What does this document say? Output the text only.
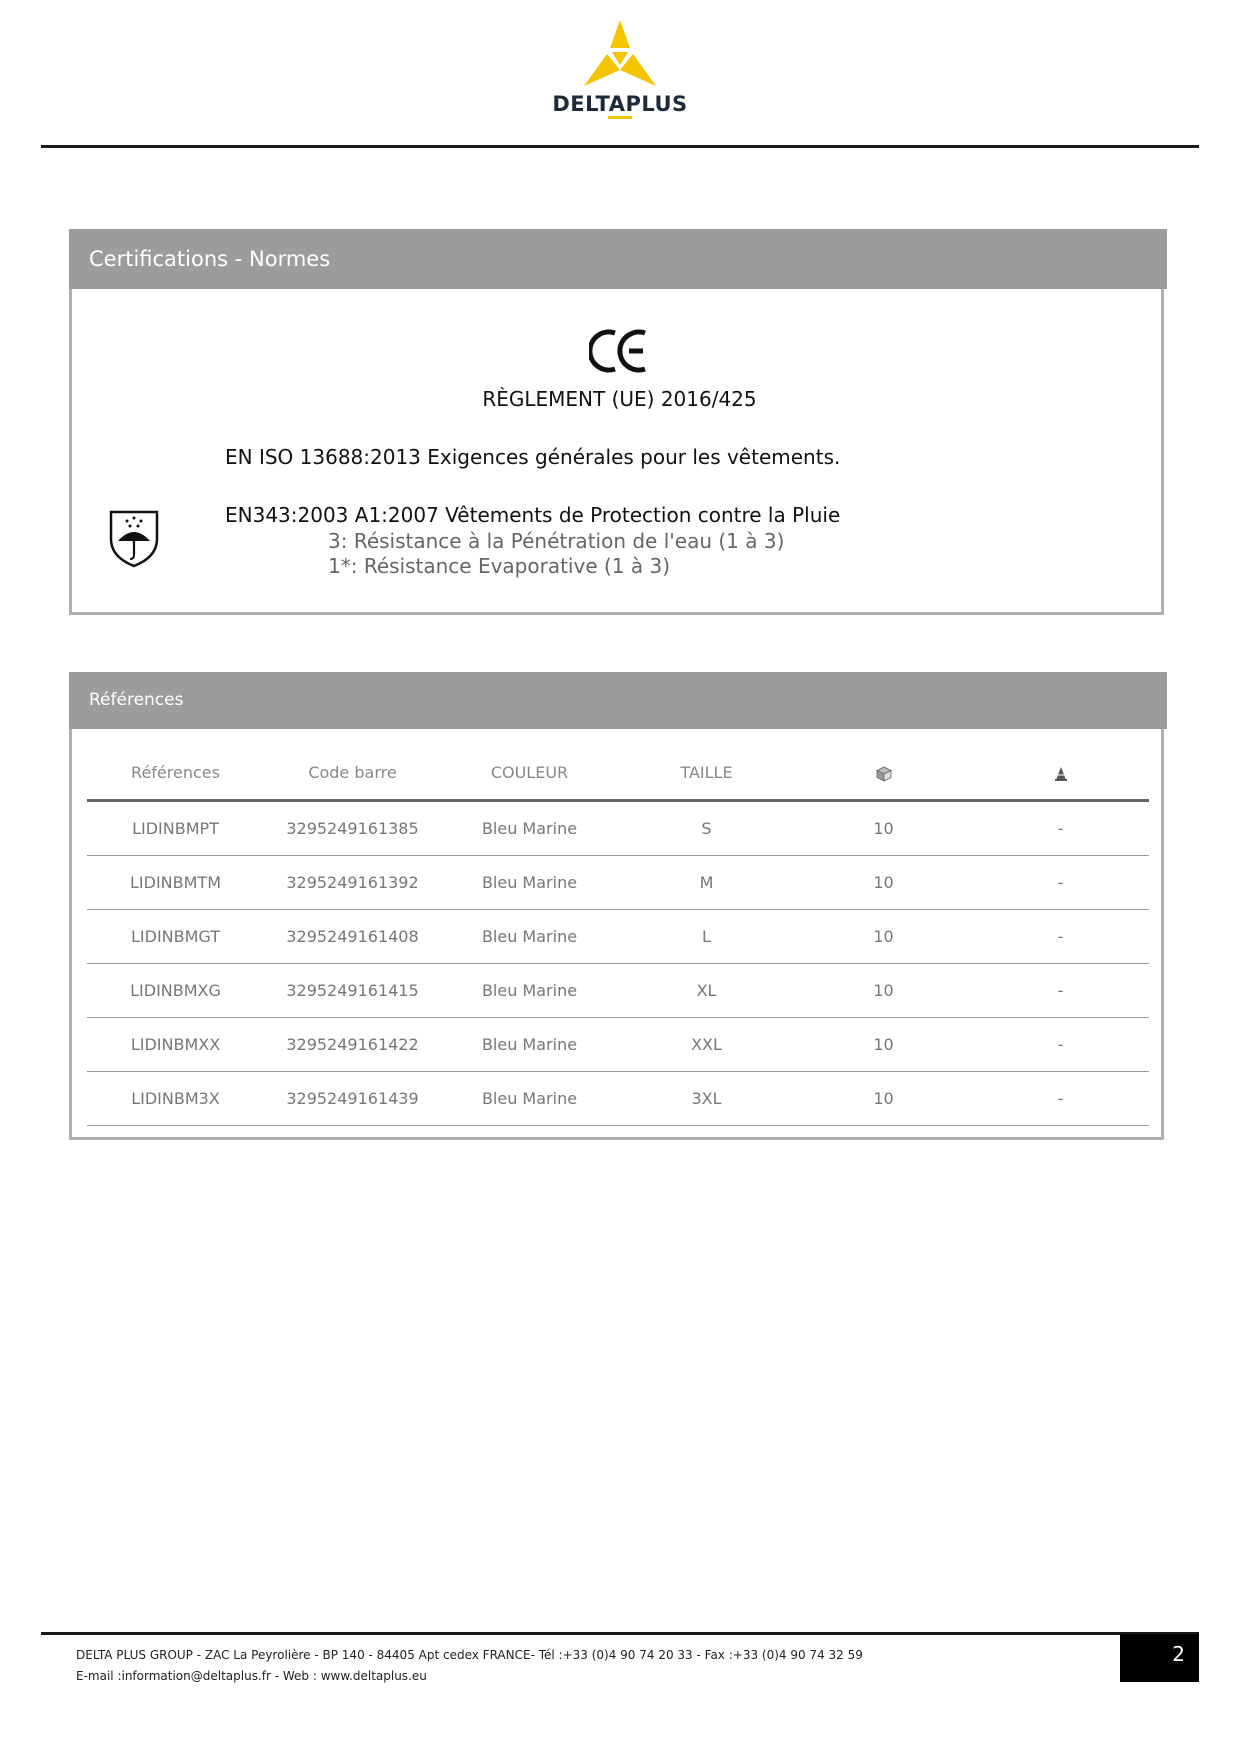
DELTAPLUS
Certifications - Normes
RÈGLEMENT (UE) 2016/425
EN ISO 13688:2013 Exigences générales pour les vêtements.
EN343:2003 A1:2007 Vêtements de Protection contre la Pluie
3: Résistance à la Pénétration de l'eau (1 à 3)
1*: Résistance Evaporative (1 à 3)
Références
Références	Code barre	COULEUR	TAILLE		
LIDINBMPT	3295249161385	Bleu Marine	S	10	-
LIDINBMTM	3295249161392	Bleu Marine	M	10	-
LIDINBMGT	3295249161408	Bleu Marine	L	10	-
LIDINBMXG	3295249161415	Bleu Marine	XL	10	-
LIDINBMXX	3295249161422	Bleu Marine	XXL	10	-
LIDINBM3X	3295249161439	Bleu Marine	3XL	10	-
DELTA PLUS GROUP - ZAC La Peyrolière - BP 140 - 84405 Apt cedex FRANCE- Tél :+33 (0)4 90 74 20 33 - Fax :+33 (0)4 90 74 32 59
E-mail :information@deltaplus.fr - Web : www.deltaplus.eu
2
